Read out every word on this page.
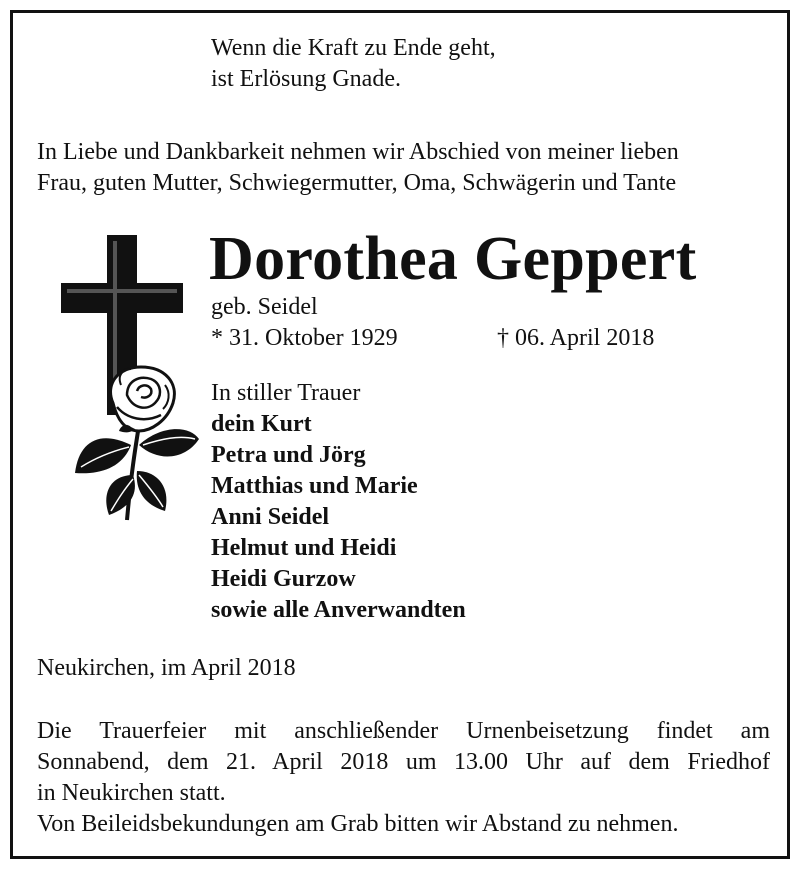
Wenn die Kraft zu Ende geht,
ist Erlösung Gnade.

In Liebe und Dankbarkeit nehmen wir Abschied von meiner lieben
Frau, guten Mutter, Schwiegermutter, Oma, Schwägerin und Tante

Dorothea Geppert

geb. Seidel

* 31. Oktober 1929	† 06. April 2018

In stiller Trauer
dein Kurt
Petra und Jörg
Matthias und Marie
Anni Seidel
Helmut und Heidi
Heidi Gurzow
sowie alle Anverwandten

Neukirchen, im April 2018

Die Trauerfeier mit anschließender Urnenbeisetzung findet am
Sonnabend, dem 21. April 2018 um 13.00 Uhr auf dem Friedhof
in Neukirchen statt.
Von Beileidsbekundungen am Grab bitten wir Abstand zu nehmen.
